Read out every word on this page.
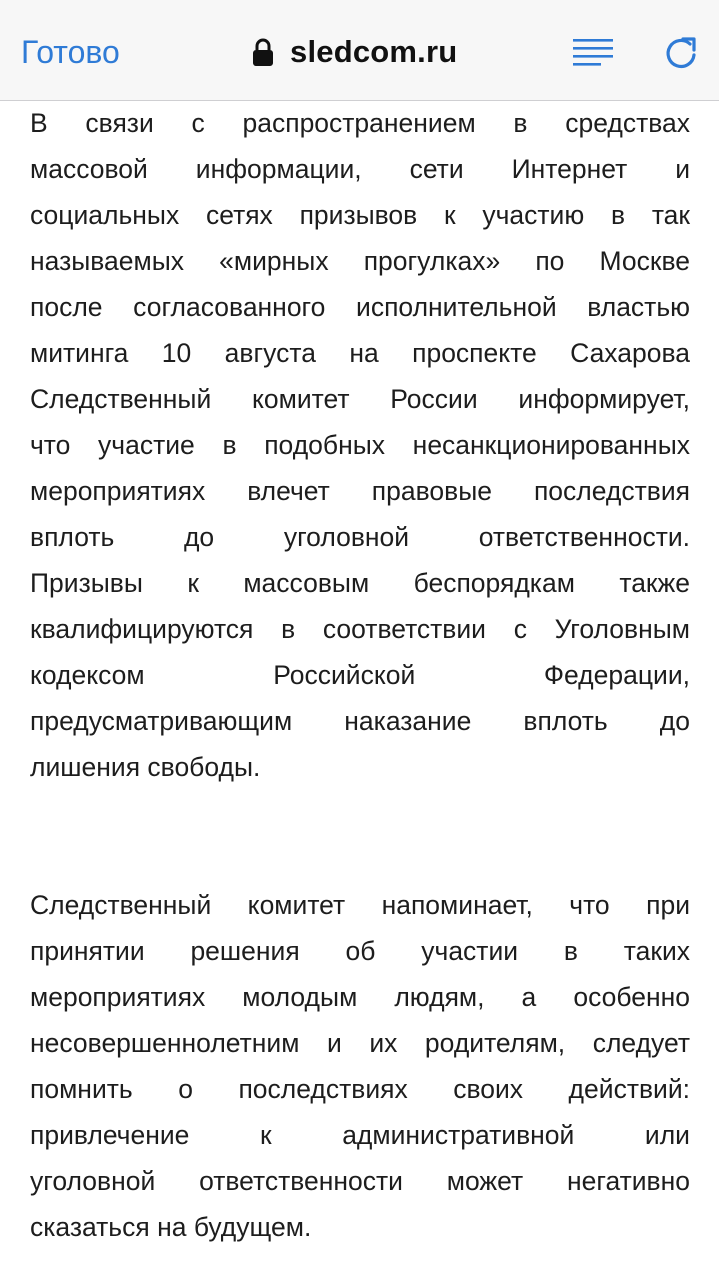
Готово	sledcom.ru
В связи с распространением в средствах
массовой информации, сети Интернет и
социальных сетях призывов к участию в так
называемых «мирных прогулках» по Москве
после согласованного исполнительной властью
митинга 10 августа на проспекте Сахарова
Следственный комитет России информирует,
что участие в подобных несанкционированных
мероприятиях влечет правовые последствия
вплоть до уголовной ответственности.
Призывы к массовым беспорядкам также
квалифицируются в соответствии с Уголовным
кодексом Российской Федерации,
предусматривающим наказание вплоть до
лишения свободы.
Следственный комитет напоминает, что при
принятии решения об участии в таких
мероприятиях молодым людям, а особенно
несовершеннолетним и их родителям, следует
помнить о последствиях своих действий:
привлечение к административной или
уголовной ответственности может негативно
сказаться на будущем.
